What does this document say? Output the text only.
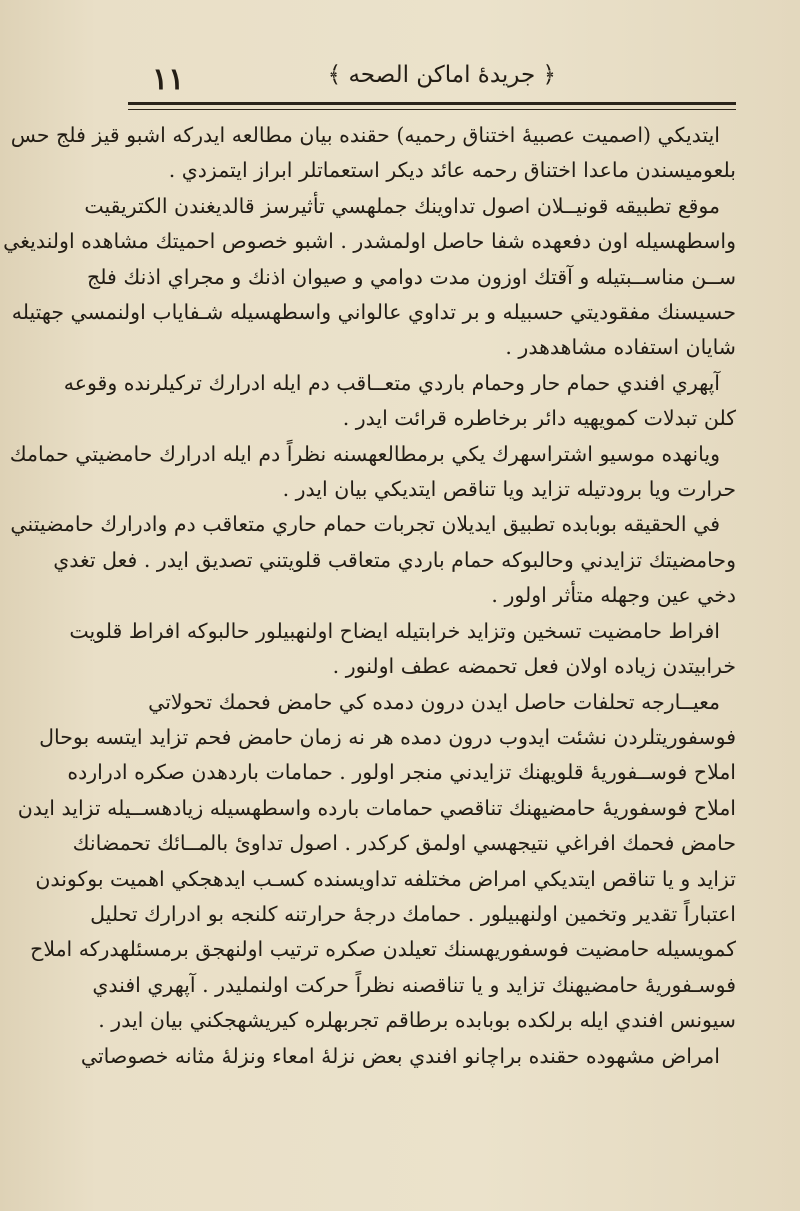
﴿ جريدهٔ اماكن الصحه ﴾
١١
ايتديكي (اصميت عصبيهٔ اختناق رحميه) حقنده بيان مطالعه ايدركه اشبو قيز فلج حس
بلعوميسندن ماعدا اختناق رحمه عائد ديكر استعماتلر ابراز ايتمزدي .
موقع تطبيقه قونيــلان اصول تداوينك جملهسي تأثيرسز قالديغندن الكتريقيت
واسطهسيله اون دفعهده شفا حاصل اولمشدر . اشبو خصوص احميتك مشاهده اولنديغي
ســن مناســبتيله و آقتك اوزون مدت دوامي و صيوان اذنك و مجراي اذنك فلج
حسيسنك مفقوديتي حسبيله و بر تداوي عالواني واسطهسيله شـفاياب اولنمسي جهتيله
شايان استفاده مشاهدهدر .
آپهري افندي حمام حار وحمام باردي متعــاقب دم ايله ادرارك تركيلرنده وقوعه
كلن تبدلات كمويهيه دائر برخاطره قرائت ايدر .
ويانهده موسيو اشتراسهرك يكي برمطالعهسنه نظراً دم ايله ادرارك حامضيتي حمامك
حرارت ويا برودتيله تزايد ويا تناقص ايتديكي بيان ايدر .
في الحقيقه بوبابده تطبيق ايديلان تجربات حمام حاري متعاقب دم وادرارك حامضيتني
وحامضيتك تزايدني وحالبوكه حمام باردي متعاقب قلويتني تصديق ايدر . فعل تغدي
دخي عين وجهله متأثر اولور .
افراط حامضيت تسخين وتزايد خرابتيله ايضاح اولنهبيلور حالبوكه افراط قلويت
خرابيتدن زياده اولان فعل تحمضه عطف اولنور .
معيــارجه تحلفات حاصل ايدن درون دمده كي حامض فحمك تحولاتي
فوسفوريتلردن نشئت ايدوب درون دمده هر نه زمان حامض فحم تزايد ايتسه بوحال
املاح فوســفوريهٔ قلويهنك تزايدني منجر اولور . حمامات باردهدن صكره ادرارده
املاح فوسفوريهٔ حامضيهنك تناقصي حمامات بارده واسطهسيله زيادهســيله تزايد ايدن
حامض فحمك افراغي نتيجهسي اولمق كركدر . اصول تداوئ بالمــائك تحمضانك
تزايد و يا تناقص ايتديكي امراض مختلفه تداويسنده كسـب ايدهجكي اهميت بوكوندن
اعتباراً تقدير وتخمين اولنهبيلور . حمامك درجهٔ حرارتنه كلنجه بو ادرارك تحليل
كمويسيله حامضيت فوسفوريهسنك تعيلدن صكره ترتيب اولنهجق برمسئلهدركه املاح
فوسـفوريهٔ حامضيهنك تزايد و يا تناقصنه نظراً حركت اولنمليدر . آپهري افندي
سيونس افندي ايله برلكده بوبابده برطاقم تجربهلره كيريشهجكني بيان ايدر .
امراض مشهوده حقنده براچانو افندي بعض نزلهٔ امعاء ونزلهٔ مثانه خصوصاتي
